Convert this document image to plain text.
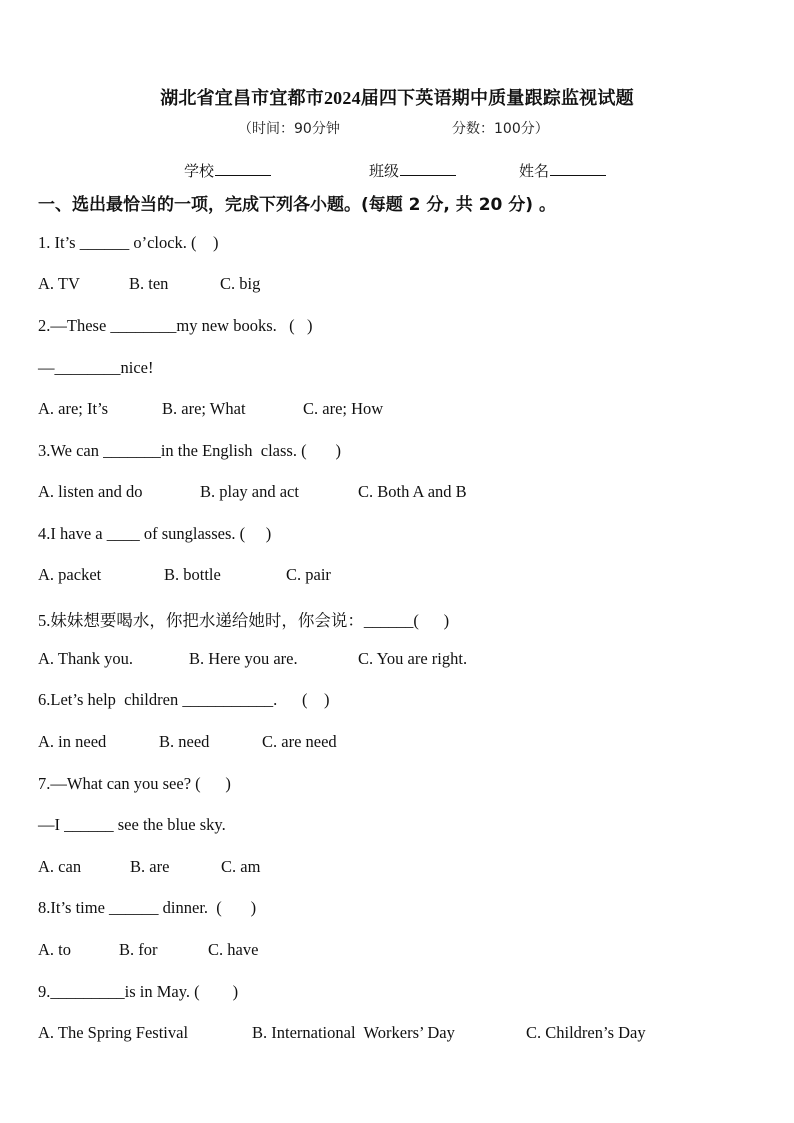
湖北省宜昌市宜都市2024届四下英语期中质量跟踪监视试题
（时间：90分钟	分数：100分）
学校	班级	姓名
一、选出最恰当的一项，完成下列各小题。(每题 2 分, 共 20 分) 。
1. It’s ______ o’clock. (    )
A. TV	B. ten	C. big
2.—These ________my new books.   (   )
—________nice!
A. are; It’s	B. are; What	C. are; How
3.We can _______in the English  class. (       )
A. listen and do	B. play and act	C. Both A and B
4.I have a ____ of sunglasses. (     )
A. packet	B. bottle	C. pair
5.妹妹想要喝水，你把水递给她时，你会说：______(      )
A. Thank you.	B. Here you are.	C. You are right.
6.Let’s help  children ___________.      (    )
A. in need	B. need	C. are need
7.—What can you see? (      )
—I ______ see the blue sky.
A. can	B. are	C. am
8.It’s time ______ dinner.  (       )
A. to	B. for	C. have
9._________is in May. (        )
A. The Spring Festival	B. International  Workers’ Day	C. Children’s Day
